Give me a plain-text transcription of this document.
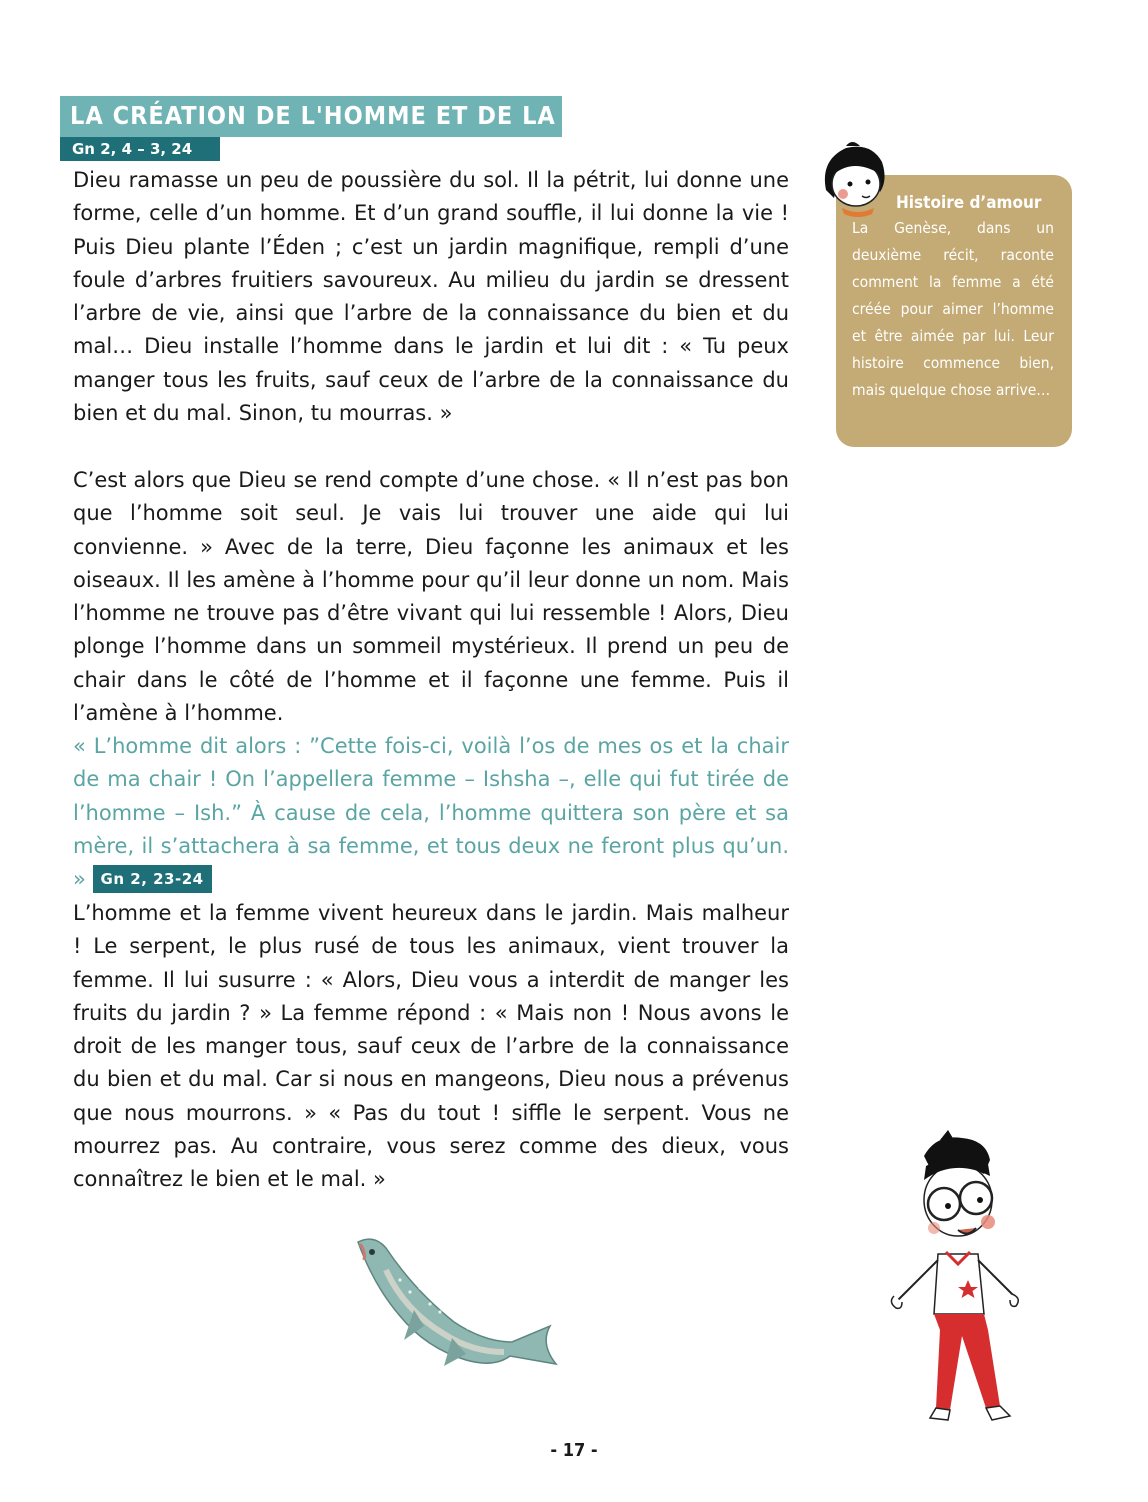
LA CRÉATION DE L'HOMME ET DE LA FEMME
Gn 2, 4 – 3, 24

Dieu ramasse un peu de poussière du sol. Il la pétrit, lui donne une forme, celle d’un homme. Et d’un grand souffle, il lui donne la vie ! Puis Dieu plante l’Éden ; c’est un jardin magnifique, rempli d’une foule d’arbres fruitiers savoureux. Au milieu du jardin se dressent l’arbre de vie, ainsi que l’arbre de la connaissance du bien et du mal… Dieu installe l’homme dans le jardin et lui dit : « Tu peux manger tous les fruits, sauf ceux de l’arbre de la connaissance du bien et du mal. Sinon, tu mourras. »

C’est alors que Dieu se rend compte d’une chose. « Il n’est pas bon que l’homme soit seul. Je vais lui trouver une aide qui lui convienne. » Avec de la terre, Dieu façonne les animaux et les oiseaux. Il les amène à l’homme pour qu’il leur donne un nom. Mais l’homme ne trouve pas d’être vivant qui lui ressemble ! Alors, Dieu plonge l’homme dans un sommeil mystérieux. Il prend un peu de chair dans le côté de l’homme et il façonne une femme. Puis il l’amène à l’homme.

« L’homme dit alors : ”Cette fois-ci, voilà l’os de mes os et la chair de ma chair ! On l’appellera femme – Ishsha –, elle qui fut tirée de l’homme – Ish.” À cause de cela, l’homme quittera son père et sa mère, il s’attachera à sa femme, et tous deux ne feront plus qu’un. » Gn 2, 23-24

L’homme et la femme vivent heureux dans le jardin. Mais malheur ! Le serpent, le plus rusé de tous les animaux, vient trouver la femme. Il lui susurre : « Alors, Dieu vous a interdit de manger les fruits du jardin ? » La femme répond : « Mais non ! Nous avons le droit de les manger tous, sauf ceux de l’arbre de la connaissance du bien et du mal. Car si nous en mangeons, Dieu nous a prévenus que nous mourrons. » « Pas du tout ! siffle le serpent. Vous ne mourrez pas. Au contraire, vous serez comme des dieux, vous connaîtrez le bien et le mal. »

Histoire d’amour

La Genèse, dans un deuxième récit, raconte comment la femme a été créée pour aimer l’homme et être aimée par lui. Leur histoire commence bien, mais quelque chose arrive…

- 17 -
